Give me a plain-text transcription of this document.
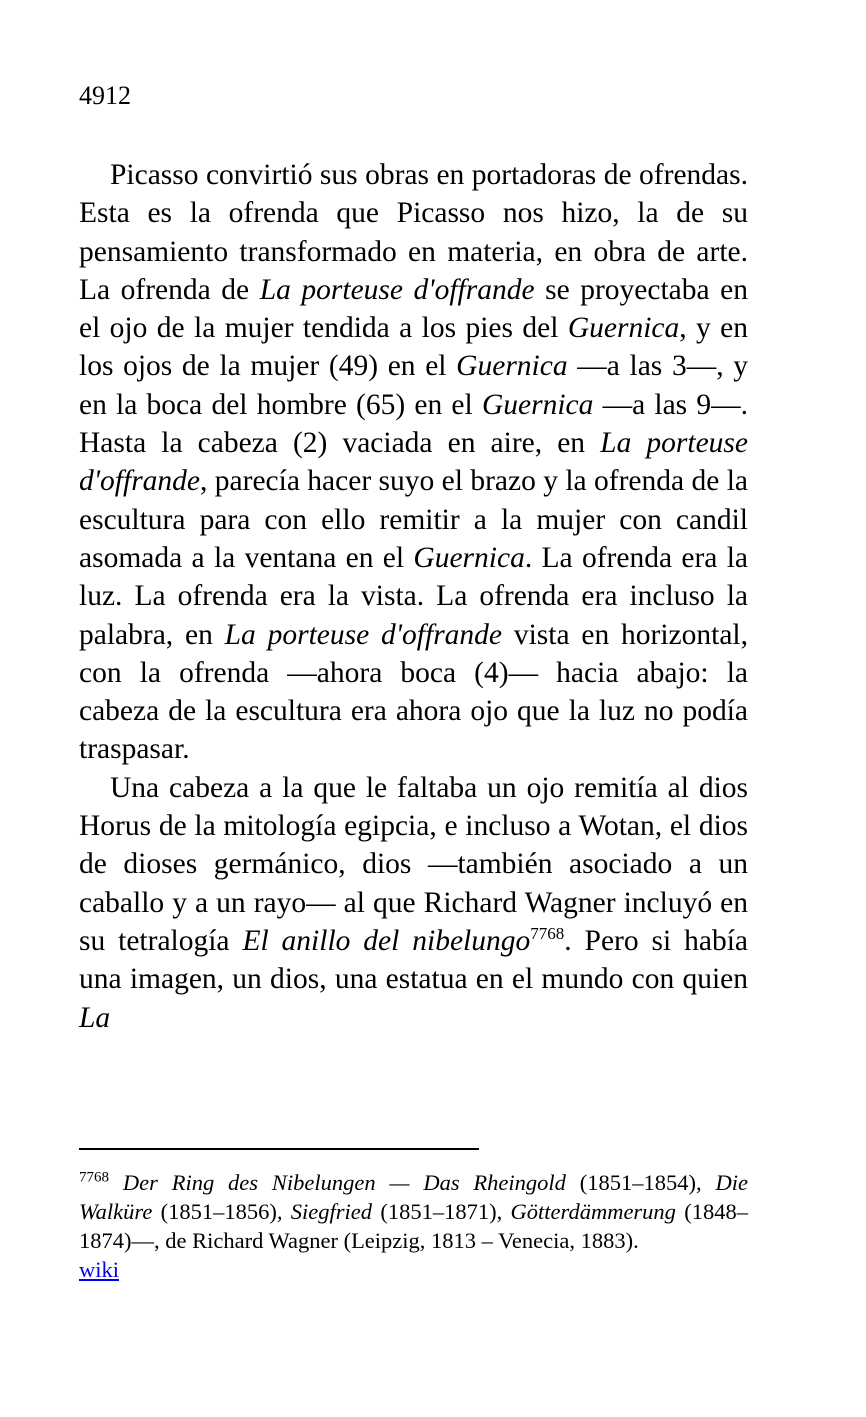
4912

Picasso convirtió sus obras en portadoras de ofrendas. Esta es la ofrenda que Picasso nos hizo, la de su pensamiento transformado en materia, en obra de arte. La ofrenda de La porteuse d'offrande se proyectaba en el ojo de la mujer tendida a los pies del Guernica, y en los ojos de la mujer (49) en el Guernica —a las 3—, y en la boca del hombre (65) en el Guernica —a las 9—. Hasta la cabeza (2) vaciada en aire, en La porteuse d'offrande, parecía hacer suyo el brazo y la ofrenda de la escultura para con ello remitir a la mujer con candil asomada a la ventana en el Guernica. La ofrenda era la luz. La ofrenda era la vista. La ofrenda era incluso la palabra, en La porteuse d'offrande vista en horizontal, con la ofrenda —ahora boca (4)— hacia abajo: la cabeza de la escultura era ahora ojo que la luz no podía traspasar.

Una cabeza a la que le faltaba un ojo remitía al dios Horus de la mitología egipcia, e incluso a Wotan, el dios de dioses germánico, dios —también asociado a un caballo y a un rayo— al que Richard Wagner incluyó en su tetralogía El anillo del nibelungo$^{7768}$. Pero si había una imagen, un dios, una estatua en el mundo con quien La

$^{7768}$ Der Ring des Nibelungen — Das Rheingold (1851–1854), Die Walküre (1851–1856), Siegfried (1851–1871), Götterdämmerung (1848–1874)—, de Richard Wagner (Leipzig, 1813 – Venecia, 1883).

wiki
